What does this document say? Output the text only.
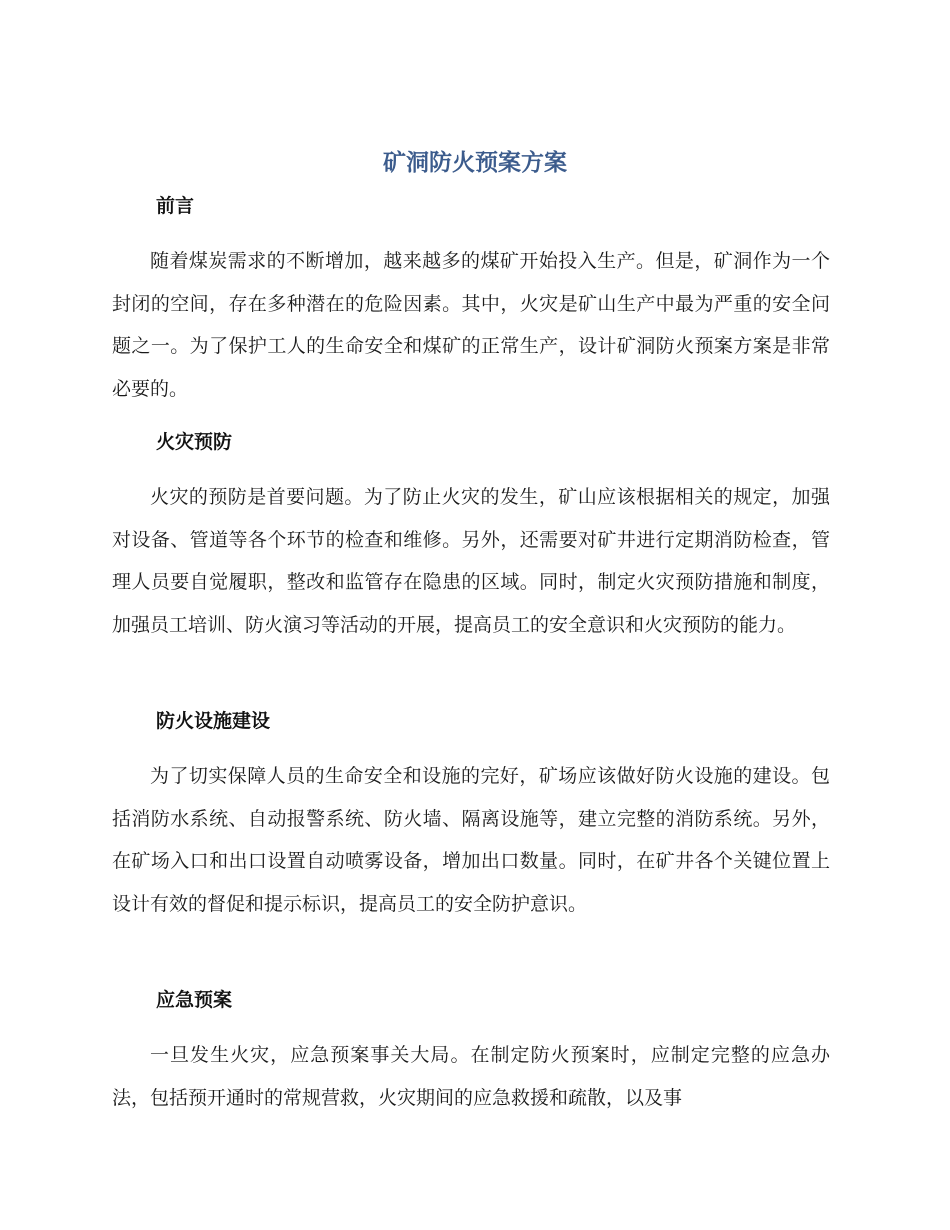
矿洞防火预案方案
前言

随着煤炭需求的不断增加，越来越多的煤矿开始投入生产。但是，矿洞作为一个封闭的空间，存在多种潜在的危险因素。其中，火灾是矿山生产中最为严重的安全问题之一。为了保护工人的生命安全和煤矿的正常生产，设计矿洞防火预案方案是非常必要的。

火灾预防

火灾的预防是首要问题。为了防止火灾的发生，矿山应该根据相关的规定，加强对设备、管道等各个环节的检查和维修。另外，还需要对矿井进行定期消防检查，管理人员要自觉履职，整改和监管存在隐患的区域。同时，制定火灾预防措施和制度，加强员工培训、防火演习等活动的开展，提高员工的安全意识和火灾预防的能力。

防火设施建设

为了切实保障人员的生命安全和设施的完好，矿场应该做好防火设施的建设。包括消防水系统、自动报警系统、防火墙、隔离设施等，建立完整的消防系统。另外，在矿场入口和出口设置自动喷雾设备，增加出口数量。同时，在矿井各个关键位置上设计有效的督促和提示标识，提高员工的安全防护意识。

应急预案

一旦发生火灾，应急预案事关大局。在制定防火预案时，应制定完整的应急办法，包括预开通时的常规营救，火灾期间的应急救援和疏散，以及事
